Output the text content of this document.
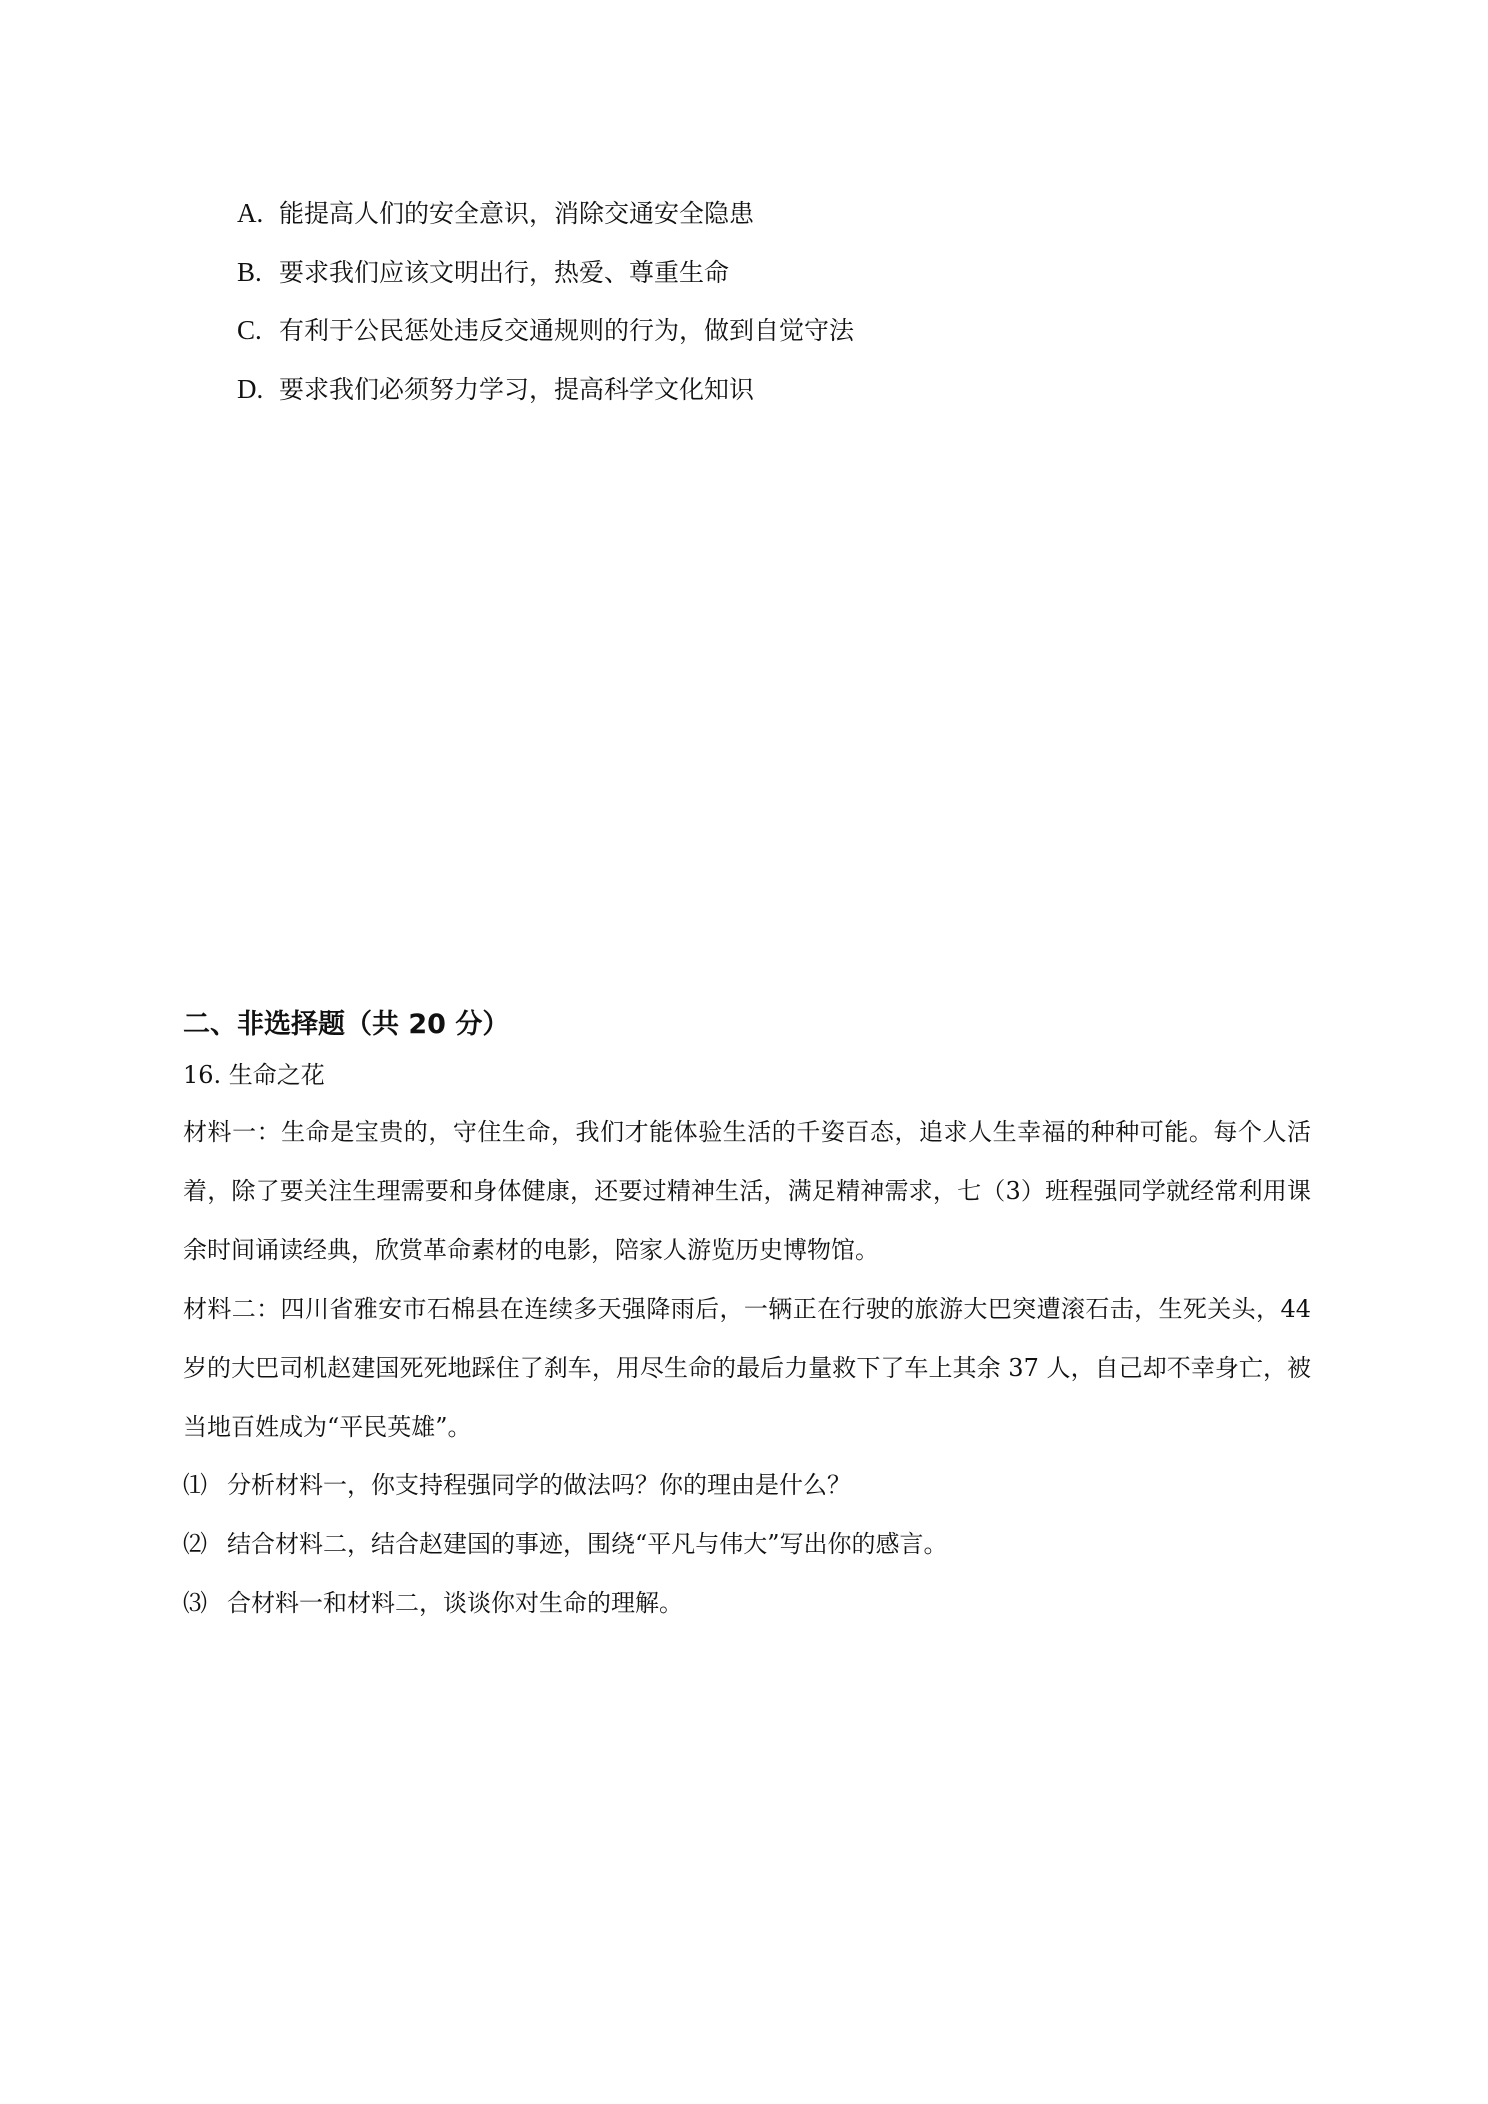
A. 能提高人们的安全意识，消除交通安全隐患
B. 要求我们应该文明出行，热爱、尊重生命
C. 有利于公民惩处违反交通规则的行为，做到自觉守法
D. 要求我们必须努力学习，提高科学文化知识
二、非选择题（共 20 分）
16. 生命之花
材料一：生命是宝贵的，守住生命，我们才能体验生活的千姿百态，追求人生幸福的种种可能。每个人活着，除了要关注生理需要和身体健康，还要过精神生活，满足精神需求，七（3）班程强同学就经常利用课余时间诵读经典，欣赏革命素材的电影，陪家人游览历史博物馆。
材料二：四川省雅安市石棉县在连续多天强降雨后，一辆正在行驶的旅游大巴突遭滚石击，生死关头，44 岁的大巴司机赵建国死死地踩住了刹车，用尽生命的最后力量救下了车上其余 37 人，自己却不幸身亡，被当地百姓成为“平民英雄”。
⑴ 分析材料一，你支持程强同学的做法吗？你的理由是什么？
⑵ 结合材料二，结合赵建国的事迹，围绕“平凡与伟大”写出你的感言。
⑶ 合材料一和材料二，谈谈你对生命的理解。
